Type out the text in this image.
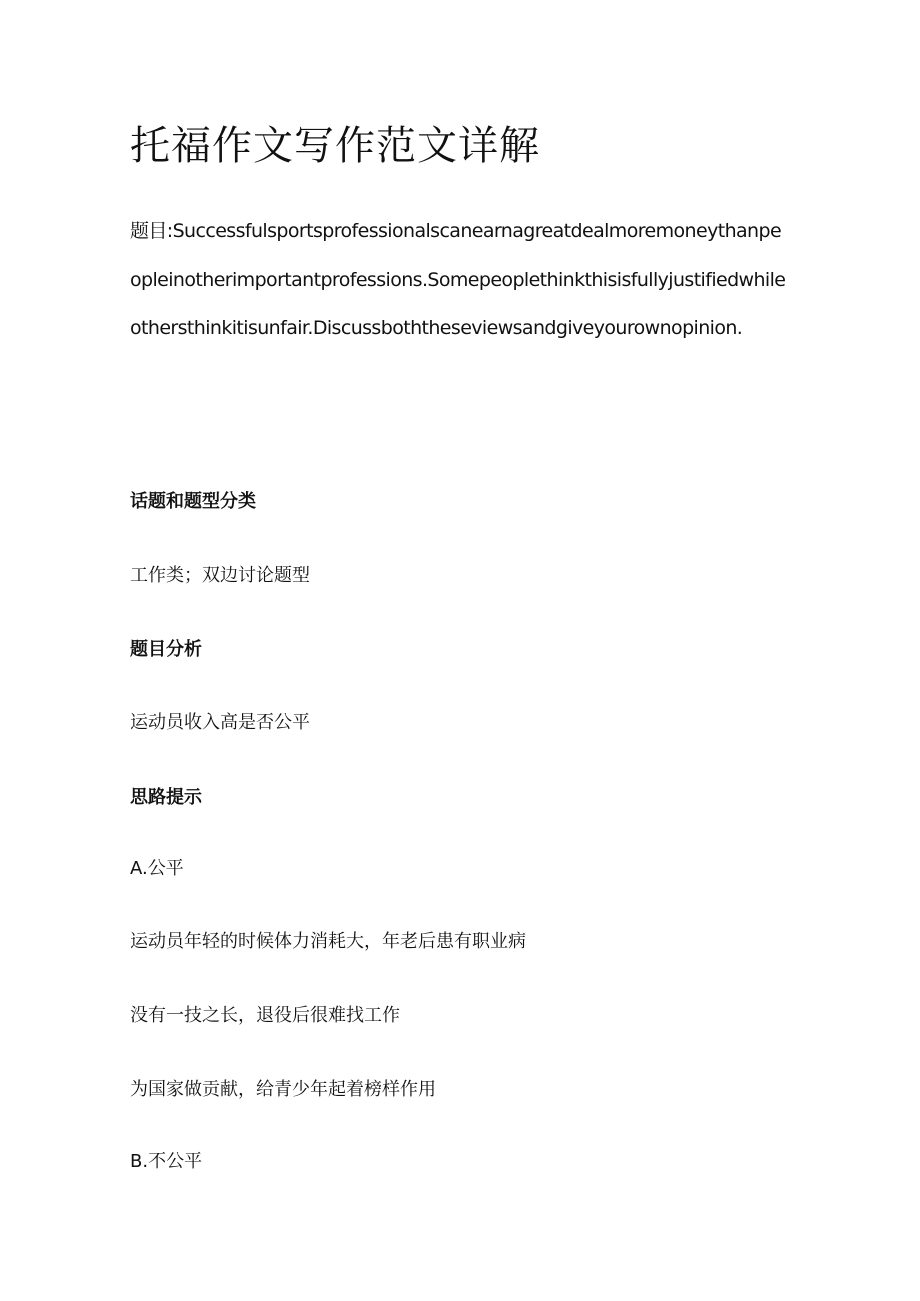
托福作文写作范文详解

题目:Successfulsportsprofessionalscanearnagreatdealmoremoneythanpeopleinotherimportantprofessions.Somepeoplethinkthisisfullyjustifiedwhileothersthinkitisunfair.Discussboththeseviewsandgiveyourownopinion.

话题和题型分类

工作类；双边讨论题型

题目分析

运动员收入高是否公平

思路提示

A.公平

运动员年轻的时候体力消耗大，年老后患有职业病

没有一技之长，退役后很难找工作

为国家做贡献，给青少年起着榜样作用

B.不公平
